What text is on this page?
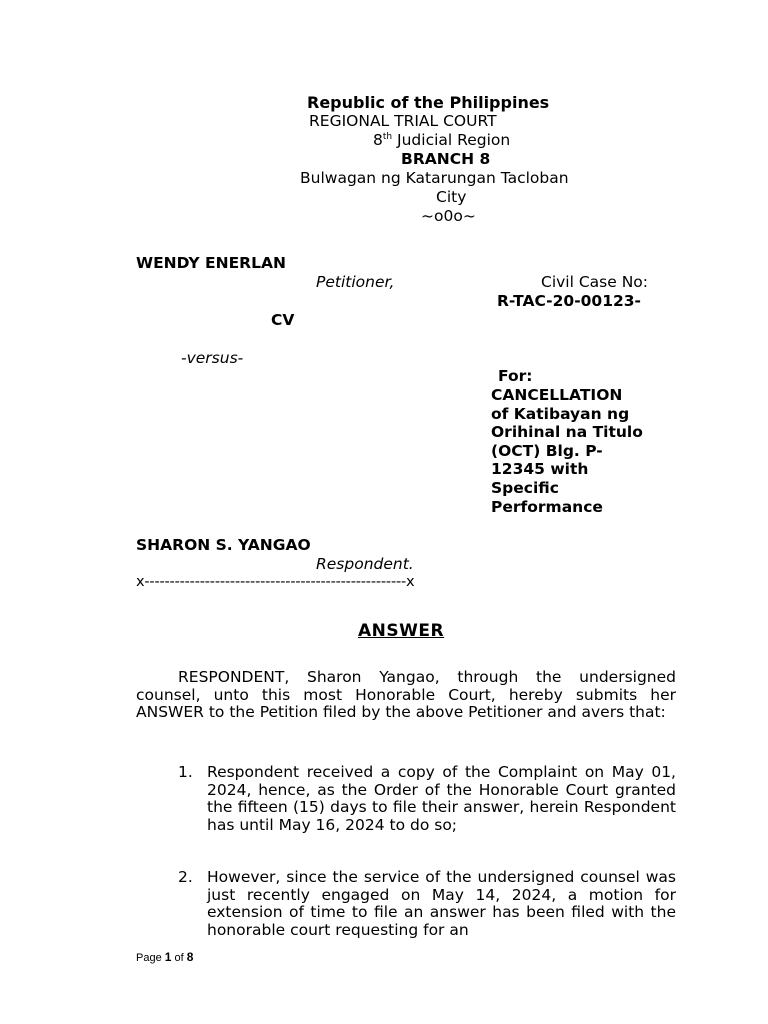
Republic of the Philippines
REGIONAL TRIAL COURT
8th Judicial Region
BRANCH 8
Bulwagan ng Katarungan Tacloban
City
~o0o~
WENDY ENERLAN
Petitioner,	Civil Case No:
R-TAC-20-00123-
CV
-versus-
For:
CANCELLATION
of Katibayan ng
Orihinal na Titulo
(OCT) Blg. P-
12345 with
Specific
Performance
SHARON S. YANGAO
Respondent.
x----------------------------------------------------x
ANSWER
RESPONDENT, Sharon Yangao, through the undersigned counsel, unto this most Honorable Court, hereby submits her ANSWER to the Petition filed by the above Petitioner and avers that:
1. Respondent received a copy of the Complaint on May 01, 2024, hence, as the Order of the Honorable Court granted the fifteen (15) days to file their answer, herein Respondent has until May 16, 2024 to do so;
2. However, since the service of the undersigned counsel was just recently engaged on May 14, 2024, a motion for extension of time to file an answer has been filed with the honorable court requesting for an
Page 1 of 8
